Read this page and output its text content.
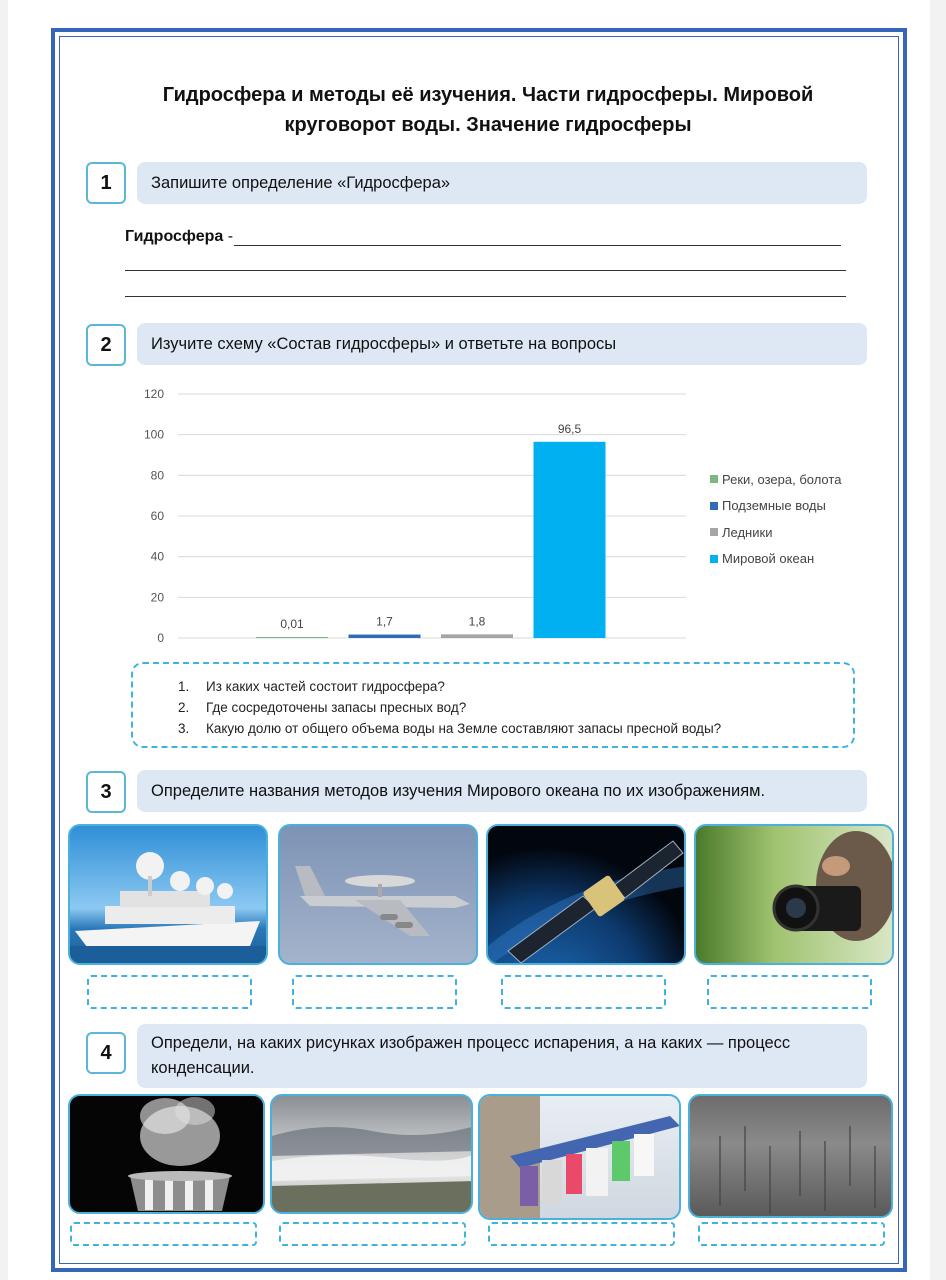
Гидросфера и методы её изучения. Части гидросферы. Мировой круговорот воды. Значение гидросферы
1	Запишите определение «Гидросфера»
Гидросфера -
2	Изучите схему «Состав гидросферы» и ответьте на вопросы
0
20
40
60
80
100
120
0,01	1,7	1,8
96,5
Реки, озера, болота
Подземные воды
Ледники
Мировой океан
1.	Из каких частей состоит гидросфера?
2.	Где сосредоточены запасы пресных вод?
3.	Какую долю от общего объема воды на Земле составляют запасы пресной воды?
3	Определите названия методов изучения Мирового океана по их изображениям.
4	Определи, на каких рисунках изображен процесс испарения, а на каких — процесс конденсации.
